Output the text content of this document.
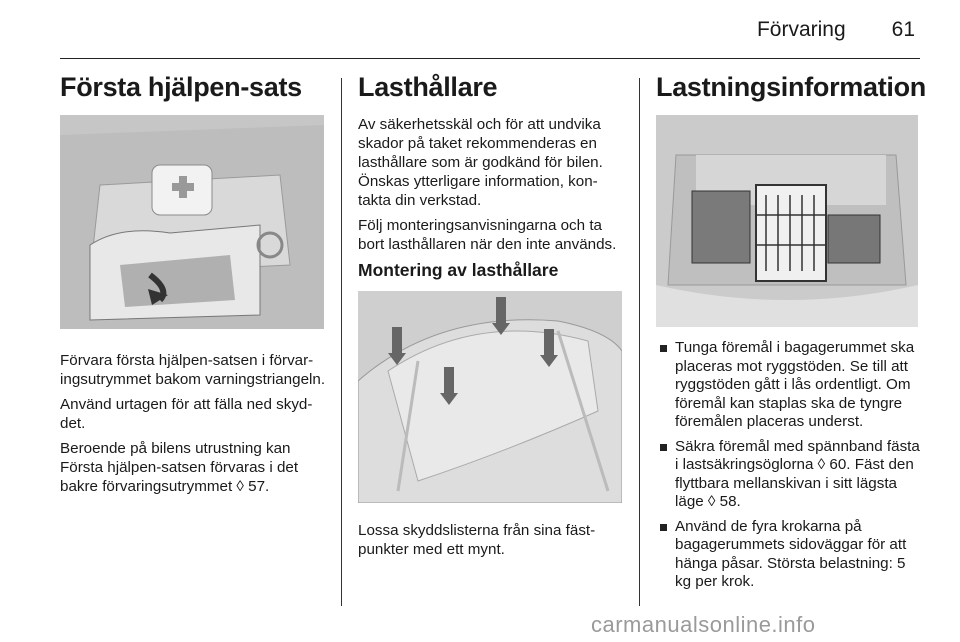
Förvaring 61
Första hjälpen-sats

Förvara första hjälpen-satsen i förvaringsutrymmet bakom varningstriangeln.

Använd urtagen för att fälla ned skyddet.

Beroende på bilens utrustning kan Första hjälpen-satsen förvaras i det bakre förvaringsutrymmet ◊ 57.

Lasthållare

Av säkerhetsskäl och för att undvika skador på taket rekommenderas en lasthållare som är godkänd för bilen. Önskas ytterligare information, kontakta din verkstad.

Följ monteringsanvisningarna och ta bort lasthållaren när den inte används.

Montering av lasthållare

Lossa skyddslisterna från sina fästpunkter med ett mynt.

Lastningsinformation
Tunga föremål i bagagerummet ska placeras mot ryggstöden. Se till att ryggstöden gått i lås ordentligt. Om föremål kan staplas ska de tyngre föremålen placeras underst.
Säkra föremål med spännband fästa i lastsäkringsöglorna ◊ 60. Fäst den flyttbara mellanskivan i sitt lägsta läge ◊ 58.
Använd de fyra krokarna på bagagerummets sidoväggar för att hänga påsar. Största belastning: 5 kg per krok.
carmanualsonline.info
